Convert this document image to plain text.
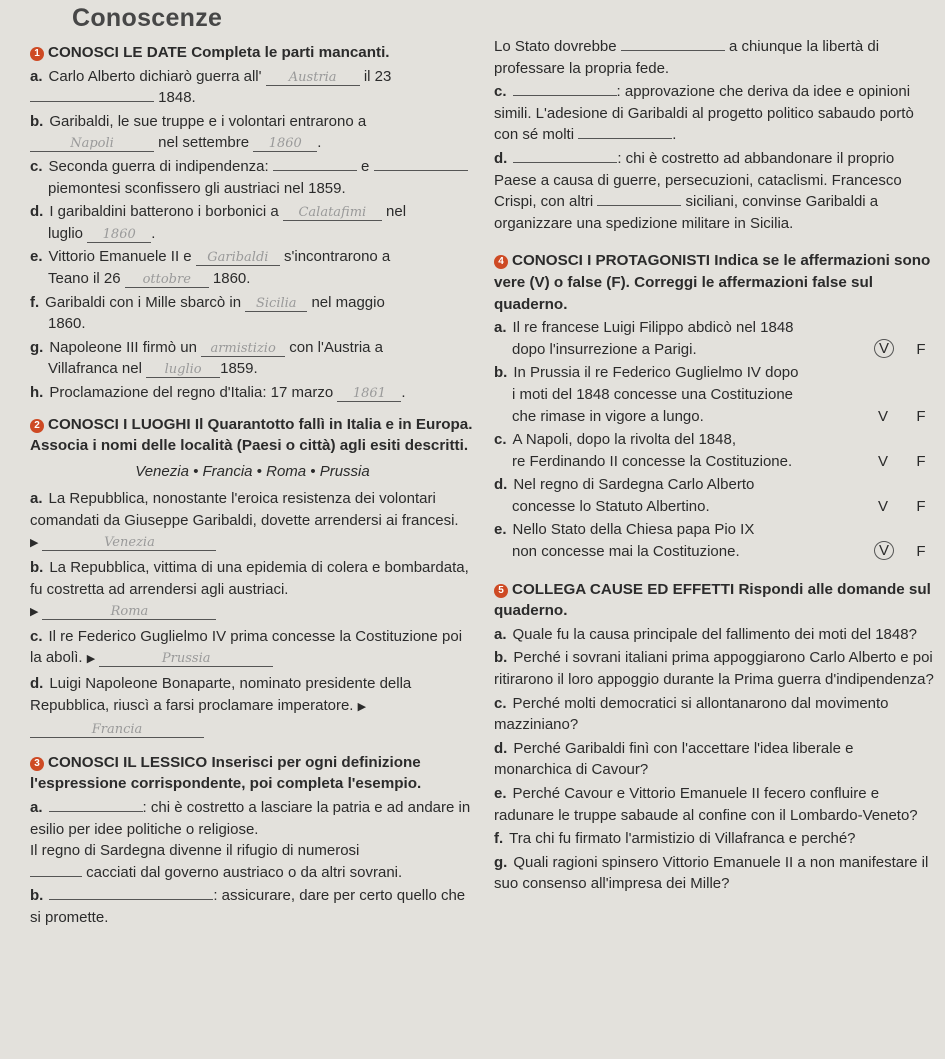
Conoscenze
1 CONOSCI LE DATE Completa le parti mancanti.

a. Carlo Alberto dichiarò guerra all' Austria il 23
1848.

b. Garibaldi, le sue truppe e i volontari entrarono a
Napoli	nel settembre 1860 .

c. Seconda guerra di indipendenza:	e
piemontesi sconfissero gli austriaci nel 1859.

d. I garibaldini batterono i borbonici a Calatafimi nel
luglio 1860 .

e. Vittorio Emanuele II e Garibaldi s'incontrarono a
Teano il 26 ottobre 1860.

f. Garibaldi con i Mille sbarcò in Sicilia nel maggio
1860.

g. Napoleone III firmò un armistizio con l'Austria a
Villafranca nel luglio 1859.

h. Proclamazione del regno d'Italia: 17 marzo 1861 .

2 CONOSCI I LUOGHI Il Quarantotto fallì in Italia e in Europa. Associa i nomi delle località (Paesi o città) agli esiti descritti.
Venezia • Francia • Roma • Prussia

a. La Repubblica, nonostante l'eroica resistenza dei volontari comandati da Giuseppe Garibaldi, dovette arrendersi ai francesi. ▶	Venezia

b. La Repubblica, vittima di una epidemia di colera e bombardata, fu costretta ad arrendersi agli austriaci.
▶	Roma

c. Il re Federico Guglielmo IV prima concesse la Costituzione poi la abolì. ▶	Prussia

d. Luigi Napoleone Bonaparte, nominato presidente della Repubblica, riuscì a farsi proclamare imperatore. ▶Francia

3 CONOSCI IL LESSICO Inserisci per ogni definizione l'espressione corrispondente, poi completa l'esempio.

a.	: chi è costretto a lasciare la patria e ad andare in esilio per idee politiche o religiose.
Il regno di Sardegna divenne il rifugio di numerosi
cacciati dal governo austriaco o da altri sovrani.

b.	: assicurare, dare per certo quello che si promette.

Lo Stato dovrebbe	a chiunque la libertà di professare la propria fede.

c.	: approvazione che deriva da idee e opinioni simili. L'adesione di Garibaldi al progetto politico sabaudo portò con sé molti	.

d.	: chi è costretto ad abbandonare il proprio Paese a causa di guerre, persecuzioni, cataclismi. Francesco Crispi, con altri	siciliani, convinse Garibaldi a organizzare una spedizione militare in Sicilia.

4 CONOSCI I PROTAGONISTI Indica se le affermazioni sono vere (V) o false (F). Correggi le affermazioni false sul quaderno.
a. Il re francese Luigi Filippo abdicò nel 1848

V	F
dopo l'insurrezione a Parigi.
b. In Prussia il re Federico Guglielmo IV dopo
i moti del 1848 concesse una Costituzione

V F
che rimase in vigore a lungo.
c. A Napoli, dopo la rivolta del 1848,

V F
re Ferdinando II concesse la Costituzione.
d. Nel regno di Sardegna Carlo Alberto

V F
concesse lo Statuto Albertino.
e. Nello Stato della Chiesa papa Pio IX

V	F
non concesse mai la Costituzione.
5 COLLEGA CAUSE ED EFFETTI Rispondi alle domande sul quaderno.

a. Quale fu la causa principale del fallimento dei moti del 1848?

b. Perché i sovrani italiani prima appoggiarono Carlo Alberto e poi ritirarono il loro appoggio durante la Prima guerra d'indipendenza?

c. Perché molti democratici si allontanarono dal movimento mazziniano?

d. Perché Garibaldi finì con l'accettare l'idea liberale e monarchica di Cavour?

e. Perché Cavour e Vittorio Emanuele II fecero confluire e radunare le truppe sabaude al confine con il Lombardo-Veneto?

f. Tra chi fu firmato l'armistizio di Villafranca e perché?

g. Quali ragioni spinsero Vittorio Emanuele II a non manifestare il suo consenso all'impresa dei Mille?
